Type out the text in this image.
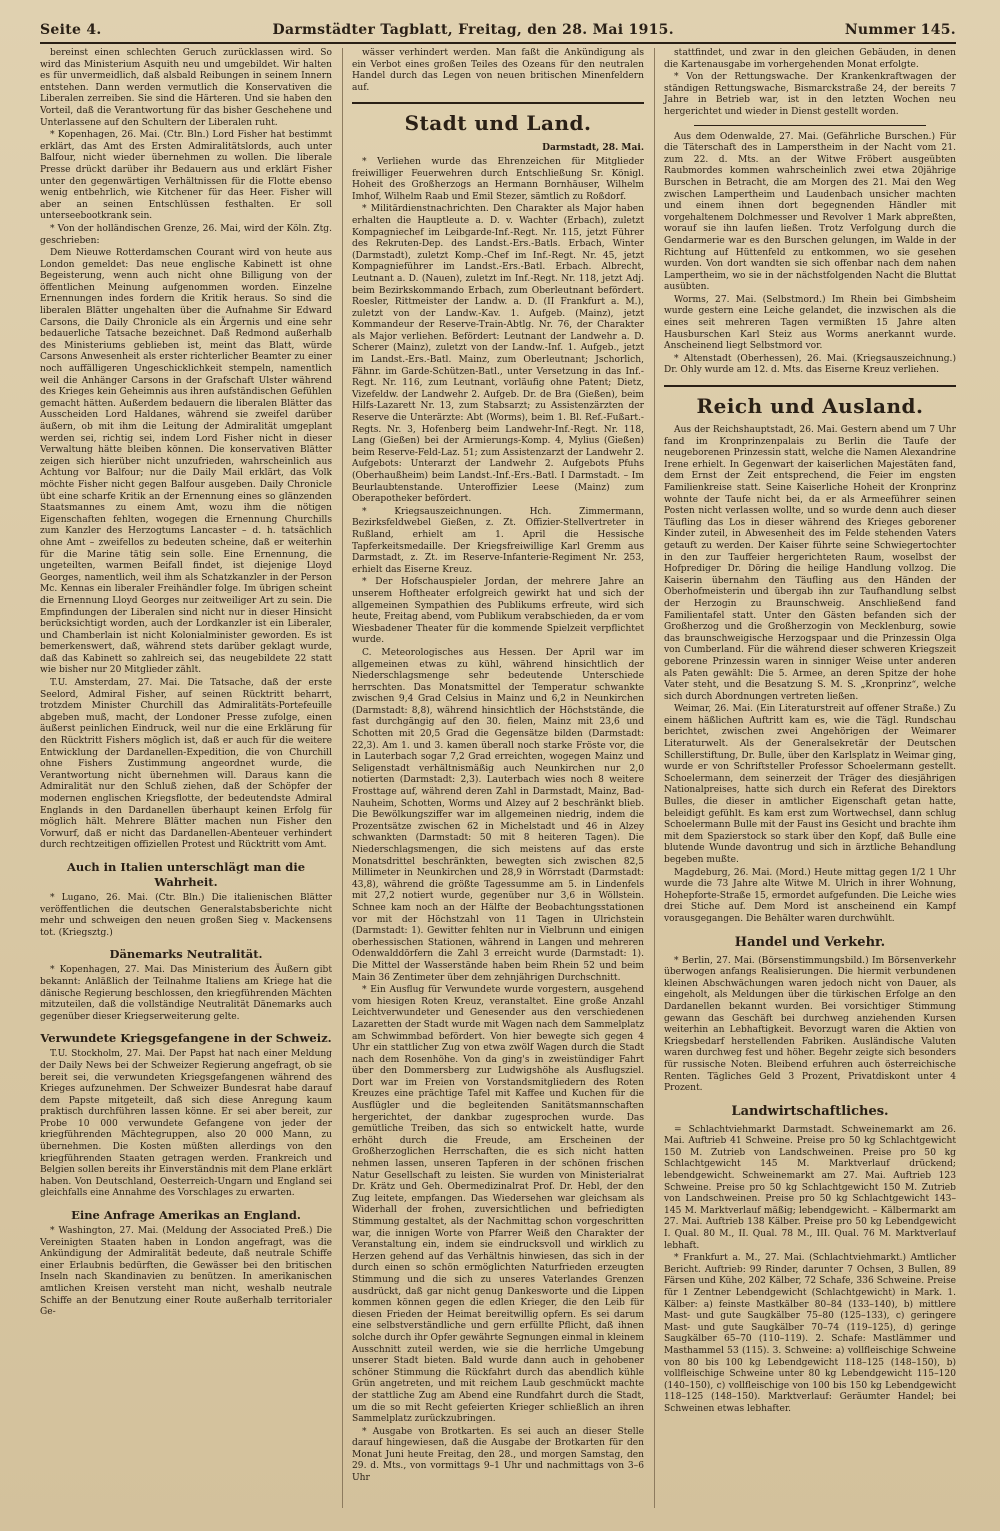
Seite 4.	Darmstädter Tagblatt, Freitag, den 28. Mai 1915.	Nummer 145.

bereinst einen schlechten Geruch zurücklassen wird. So wird das Ministerium Asquith neu und umgebildet. Wir halten es für unvermeidlich, daß alsbald Reibungen in seinem Innern entstehen. Dann werden vermutlich die Konservativen die Liberalen zerreiben. Sie sind die Härteren. Und sie haben den Vorteil, daß die Verantwortung für das bisher Geschehene und Unterlassene auf den Schultern der Liberalen ruht.

* Kopenhagen, 26. Mai. (Ctr. Bln.) Lord Fisher hat bestimmt erklärt, das Amt des Ersten Admiralitätslords, auch unter Balfour, nicht wieder übernehmen zu wollen. Die liberale Presse drückt darüber ihr Bedauern aus und erklärt Fisher unter den gegenwärtigen Verhältnissen für die Flotte ebenso wenig entbehrlich, wie Kitchener für das Heer. Fisher will aber an seinen Entschlüssen festhalten. Er soll unterseebootkrank sein.

* Von der holländischen Grenze, 26. Mai, wird der Köln. Ztg. geschrieben:

Dem Nieuwe Rotterdamschen Courant wird von heute aus London gemeldet: Das neue englische Kabinett ist ohne Begeisterung, wenn auch nicht ohne Billigung von der öffentlichen Meinung aufgenommen worden. Einzelne Ernennungen indes fordern die Kritik heraus. So sind die liberalen Blätter ungehalten über die Aufnahme Sir Edward Carsons, die Daily Chronicle als ein Ärgernis und eine sehr bedauerliche Tatsache bezeichnet. Daß Redmond außerhalb des Ministeriums geblieben ist, meint das Blatt, würde Carsons Anwesenheit als erster richterlicher Beamter zu einer noch auffälligeren Ungeschicklichkeit stempeln, namentlich weil die Anhänger Carsons in der Grafschaft Ulster während des Krieges kein Geheimnis aus ihren aufständischen Gefühlen gemacht hätten. Außerdem bedauern die liberalen Blätter das Ausscheiden Lord Haldanes, während sie zweifel darüber äußern, ob mit ihm die Leitung der Admiralität umgeplant werden sei, richtig sei, indem Lord Fisher nicht in dieser Verwaltung hätte bleiben können. Die konservativen Blätter zeigen sich hierüber nicht unzufrieden, wahrscheinlich aus Achtung vor Balfour; nur die Daily Mail erklärt, das Volk möchte Fisher nicht gegen Balfour ausgeben. Daily Chronicle übt eine scharfe Kritik an der Ernennung eines so glänzenden Staatsmannes zu einem Amt, wozu ihm die nötigen Eigenschaften fehlten, wogegen die Ernennung Churchills zum Kanzler des Herzogtums Lancaster – d. h. tatsächlich ohne Amt – zweifellos zu bedeuten scheine, daß er weiterhin für die Marine tätig sein solle. Eine Ernennung, die ungeteilten, warmen Beifall findet, ist diejenige Lloyd Georges, namentlich, weil ihm als Schatzkanzler in der Person Mc. Kennas ein liberaler Freihändler folge. Im übrigen scheint die Ernennung Lloyd Georges nur zeitweiliger Art zu sein. Die Empfindungen der Liberalen sind nicht nur in dieser Hinsicht berücksichtigt worden, auch der Lordkanzler ist ein Liberaler, und Chamberlain ist nicht Kolonialminister geworden. Es ist bemerkenswert, daß, während stets darüber geklagt wurde, daß das Kabinett so zahlreich sei, das neugebildete 22 statt wie bisher nur 20 Mitglieder zählt.

T.U. Amsterdam, 27. Mai. Die Tatsache, daß der erste Seelord, Admiral Fisher, auf seinen Rücktritt beharrt, trotzdem Minister Churchill das Admiralitäts-Portefeuille abgeben muß, macht, der Londoner Presse zufolge, einen äußerst peinlichen Eindruck, weil nur die eine Erklärung für den Rücktritt Fishers möglich ist, daß er auch für die weitere Entwicklung der Dardanellen-Expedition, die von Churchill ohne Fishers Zustimmung angeordnet wurde, die Verantwortung nicht übernehmen will. Daraus kann die Admiralität nur den Schluß ziehen, daß der Schöpfer der modernen englischen Kriegsflotte, der bedeutendste Admiral Englands in den Dardanellen überhaupt keinen Erfolg für möglich hält. Mehrere Blätter machen nun Fisher den Vorwurf, daß er nicht das Dardanellen-Abenteuer verhindert durch rechtzeitigen offiziellen Protest und Rücktritt vom Amt.

Auch in Italien unterschlägt man die Wahrheit.

* Lugano, 26. Mai. (Ctr. Bln.) Die italienischen Blätter veröffentlichen die deutschen Generalstabsberichte nicht mehr und schweigen den neuen großen Sieg v. Mackensens tot. (Kriegsztg.)

Dänemarks Neutralität.

* Kopenhagen, 27. Mai. Das Ministerium des Äußern gibt bekannt: Anläßlich der Teilnahme Italiens am Kriege hat die dänische Regierung beschlossen, den kriegführenden Mächten mitzuteilen, daß die vollständige Neutralität Dänemarks auch gegenüber dieser Kriegserweiterung gelte.

Verwundete Kriegsgefangene in der Schweiz.

T.U. Stockholm, 27. Mai. Der Papst hat nach einer Meldung der Daily News bei der Schweizer Regierung angefragt, ob sie bereit sei, die verwundeten Kriegsgefangenen während des Krieges aufzunehmen. Der Schweizer Bundesrat habe darauf dem Papste mitgeteilt, daß sich diese Anregung kaum praktisch durchführen lassen könne. Er sei aber bereit, zur Probe 10 000 verwundete Gefangene von jeder der kriegführenden Mächtegruppen, also 20 000 Mann, zu übernehmen. Die Kosten müßten allerdings von den kriegführenden Staaten getragen werden. Frankreich und Belgien sollen bereits ihr Einverständnis mit dem Plane erklärt haben. Von Deutschland, Oesterreich-Ungarn und England sei gleichfalls eine Annahme des Vorschlages zu erwarten.

Eine Anfrage Amerikas an England.

* Washington, 27. Mai. (Meldung der Associated Preß.) Die Vereinigten Staaten haben in London angefragt, was die Ankündigung der Admiralität bedeute, daß neutrale Schiffe einer Erlaubnis bedürften, die Gewässer bei den britischen Inseln nach Skandinavien zu benützen. In amerikanischen amtlichen Kreisen versteht man nicht, weshalb neutrale Schiffe an der Benutzung einer Route außerhalb territorialer Ge-

wässer verhindert werden. Man faßt die Ankündigung als ein Verbot eines großen Teiles des Ozeans für den neutralen Handel durch das Legen von neuen britischen Minenfeldern auf.

Stadt und Land.
Darmstadt, 28. Mai.

* Verliehen wurde das Ehrenzeichen für Mitglieder freiwilliger Feuerwehren durch Entschließung Sr. Königl. Hoheit des Großherzogs an Hermann Bornhäuser, Wilhelm Imhof, Wilhelm Raab und Emil Stezer, sämtlich zu Roßdorf.

* Militärdienstnachrichten. Den Charakter als Major haben erhalten die Hauptleute a. D. v. Wachter (Erbach), zuletzt Kompagniechef im Leibgarde-Inf.-Regt. Nr. 115, jetzt Führer des Rekruten-Dep. des Landst.-Ers.-Batls. Erbach, Winter (Darmstadt), zuletzt Komp.-Chef im Inf.-Regt. Nr. 45, jetzt Kompagnieführer im Landst.-Ers.-Batl. Erbach. Albrecht, Leutnant a. D. (Nauen), zuletzt im Inf.-Regt. Nr. 118, jetzt Adj. beim Bezirkskommando Erbach, zum Oberleutnant befördert. Roesler, Rittmeister der Landw. a. D. (II Frankfurt a. M.), zuletzt von der Landw.-Kav. 1. Aufgeb. (Mainz), jetzt Kommandeur der Reserve-Train-Abtlg. Nr. 76, der Charakter als Major verliehen. Befördert: Leutnant der Landwehr a. D. Scherer (Mainz), zuletzt von der Landw.-Inf. 1. Aufgeb., jetzt im Landst.-Ers.-Batl. Mainz, zum Oberleutnant; Jschorlich, Fähnr. im Garde-Schützen-Batl., unter Versetzung in das Inf.-Regt. Nr. 116, zum Leutnant, vorläufig ohne Patent; Dietz, Vizefeldw. der Landwehr 2. Aufgeb. Dr. de Bra (Gießen), beim Hilfs-Lazarett Nr. 13, zum Stabsarzt; zu Assistenzärzten der Reserve die Unterärzte: Abt (Worms), beim 1. Bl. Ref.-Fußart.-Regts. Nr. 3, Hofenberg beim Landwehr-Inf.-Regt. Nr. 118, Lang (Gießen) bei der Armierungs-Komp. 4, Mylius (Gießen) beim Reserve-Feld-Laz. 51; zum Assistenzarzt der Landwehr 2. Aufgebots: Unterarzt der Landwehr 2. Aufgebots Pfuhs (Oberhaußheim) beim Landst.-Inf.-Ers.-Batl. I Darmstadt. – Im Beurlaubtenstande. Unteroffizier Leese (Mainz) zum Oberapotheker befördert.

* Kriegsauszeichnungen. Hch. Zimmermann, Bezirksfeldwebel Gießen, z. Zt. Offizier-Stellvertreter in Rußland, erhielt am 1. April die Hessische Tapferkeitsmedaille. Der Kriegsfreiwillige Karl Gremm aus Darmstadt, z. Zt. im Reserve-Infanterie-Regiment Nr. 253, erhielt das Eiserne Kreuz.

* Der Hofschauspieler Jordan, der mehrere Jahre an unserem Hoftheater erfolgreich gewirkt hat und sich der allgemeinen Sympathien des Publikums erfreute, wird sich heute, Freitag abend, vom Publikum verabschieden, da er vom Wiesbadener Theater für die kommende Spielzeit verpflichtet wurde.

C. Meteorologisches aus Hessen. Der April war im allgemeinen etwas zu kühl, während hinsichtlich der Niederschlagsmenge sehr bedeutende Unterschiede herrschten. Das Monatsmittel der Temperatur schwankte zwischen 9,4 Grad Celsius in Mainz und 6,2 in Neunkirchen (Darmstadt: 8,8), während hinsichtlich der Höchststände, die fast durchgängig auf den 30. fielen, Mainz mit 23,6 und Schotten mit 20,5 Grad die Gegensätze bilden (Darmstadt: 22,3). Am 1. und 3. kamen überall noch starke Fröste vor, die in Lauterbach sogar 7,2 Grad erreichten, wogegen Mainz und Seligenstadt verhältnismäßig auch Neunkirchen nur 2,0 notierten (Darmstadt: 2,3). Lauterbach wies noch 8 weitere Frosttage auf, während deren Zahl in Darmstadt, Mainz, Bad-Nauheim, Schotten, Worms und Alzey auf 2 beschränkt blieb. Die Bewölkungsziffer war im allgemeinen niedrig, indem die Prozentsätze zwischen 62 in Michelstadt und 46 in Alzey schwankten (Darmstadt: 50 mit 8 heiteren Tagen). Die Niederschlagsmengen, die sich meistens auf das erste Monatsdrittel beschränkten, bewegten sich zwischen 82,5 Millimeter in Neunkirchen und 28,9 in Wörrstadt (Darmstadt: 43,8), während die größte Tagessumme am 5. in Lindenfels mit 27,2 notiert wurde, gegenüber nur 3,6 in Wöllstein. Schnee kam noch an der Hälfte der Beobachtungsstationen vor mit der Höchstzahl von 11 Tagen in Ulrichstein (Darmstadt: 1). Gewitter fehlten nur in Vielbrunn und einigen oberhessischen Stationen, während in Langen und mehreren Odenwalddörfern die Zahl 3 erreicht wurde (Darmstadt: 1). Die Mittel der Wasserstände haben beim Rhein 52 und beim Main 36 Zentimeter über dem zehnjährigen Durchschnitt.

* Ein Ausflug für Verwundete wurde vorgestern, ausgehend vom hiesigen Roten Kreuz, veranstaltet. Eine große Anzahl Leichtverwundeter und Genesender aus den verschiedenen Lazaretten der Stadt wurde mit Wagen nach dem Sammelplatz am Schwimmbad befördert. Von hier bewegte sich gegen 4 Uhr ein stattlicher Zug von etwa zwölf Wagen durch die Stadt nach dem Rosenhöhe. Von da ging's in zweistündiger Fahrt über den Dommersberg zur Ludwigshöhe als Ausflugsziel. Dort war im Freien von Vorstandsmitgliedern des Roten Kreuzes eine prächtige Tafel mit Kaffee und Kuchen für die Ausflügler und die begleitenden Sanitätsmannschaften hergerichtet, der dankbar zugesprochen wurde. Das gemütliche Treiben, das sich so entwickelt hatte, wurde erhöht durch die Freude, am Erscheinen der Großherzoglichen Herrschaften, die es sich nicht hatten nehmen lassen, unseren Tapferen in der schönen frischen Natur Gesellschaft zu leisten. Sie wurden von Ministerialrat Dr. Krätz und Geh. Obermedizinalrat Prof. Dr. Hebl, der den Zug leitete, empfangen. Das Wiedersehen war gleichsam als Widerhall der frohen, zuversichtlichen und befriedigten Stimmung gestaltet, als der Nachmittag schon vorgeschritten war, die innigen Worte von Pfarrer Weiß den Charakter der Veranstaltung ein, indem sie eindrucksvoll und wirklich zu Herzen gehend auf das Verhältnis hinwiesen, das sich in der durch einen so schön ermöglichten Naturfrieden erzeugten Stimmung und die sich zu unseres Vaterlandes Grenzen ausdrückt, daß gar nicht genug Dankesworte und die Lippen kommen können gegen die edlen Krieger, die den Leib für diesen Frieden der Heimat bereitwillig opfern. Es sei darum eine selbstverständliche und gern erfüllte Pflicht, daß ihnen solche durch ihr Opfer gewährte Segnungen einmal in kleinem Ausschnitt zuteil werden, wie sie die herrliche Umgebung unserer Stadt bieten. Bald wurde dann auch in gehobener schöner Stimmung die Rückfahrt durch das abendlich kühle Grün angetreten, und mit reichem Laub geschmückt machte der stattliche Zug am Abend eine Rundfahrt durch die Stadt, um die so mit Recht gefeierten Krieger schließlich an ihren Sammelplatz zurückzubringen.

* Ausgabe von Brotkarten. Es sei auch an dieser Stelle darauf hingewiesen, daß die Ausgabe der Brotkarten für den Monat Juni heute Freitag, den 28., und morgen Samstag, den 29. d. Mts., von vormittags 9–1 Uhr und nachmittags von 3–6 Uhr

stattfindet, und zwar in den gleichen Gebäuden, in denen die Kartenausgabe im vorhergehenden Monat erfolgte.

* Von der Rettungswache. Der Krankenkraftwagen der ständigen Rettungswache, Bismarckstraße 24, der bereits 7 Jahre in Betrieb war, ist in den letzten Wochen neu hergerichtet und wieder in Dienst gestellt worden.

Aus dem Odenwalde, 27. Mai. (Gefährliche Burschen.) Für die Täterschaft des in Lamperstheim in der Nacht vom 21. zum 22. d. Mts. an der Witwe Fröbert ausgeübten Raubmordes kommen wahrscheinlich zwei etwa 20jährige Burschen in Betracht, die am Morgen des 21. Mai den Weg zwischen Lampertheim und Laudenbach unsicher machten und einem ihnen dort begegnenden Händler mit vorgehaltenem Dolchmesser und Revolver 1 Mark abpreßten, worauf sie ihn laufen ließen. Trotz Verfolgung durch die Gendarmerie war es den Burschen gelungen, im Walde in der Richtung auf Hüttenfeld zu entkommen, wo sie gesehen wurden. Von dort wandten sie sich offenbar nach dem nahen Lampertheim, wo sie in der nächstfolgenden Nacht die Bluttat ausübten.

Worms, 27. Mai. (Selbstmord.) Im Rhein bei Gimbsheim wurde gestern eine Leiche gelandet, die inzwischen als die eines seit mehreren Tagen vermißten 15 Jahre alten Hausburschen Karl Steiz aus Worms anerkannt wurde. Anscheinend liegt Selbstmord vor.

* Altenstadt (Oberhessen), 26. Mai. (Kriegsauszeichnung.) Dr. Ohly wurde am 12. d. Mts. das Eiserne Kreuz verliehen.

Reich und Ausland.

Aus der Reichshauptstadt, 26. Mai. Gestern abend um 7 Uhr fand im Kronprinzenpalais zu Berlin die Taufe der neugeborenen Prinzessin statt, welche die Namen Alexandrine Irene erhielt. In Gegenwart der kaiserlichen Majestäten fand, dem Ernst der Zeit entsprechend, die Feier im engsten Familienkreise statt. Seine Kaiserliche Hoheit der Kronprinz wohnte der Taufe nicht bei, da er als Armeeführer seinen Posten nicht verlassen wollte, und so wurde denn auch dieser Täufling das Los in dieser während des Krieges geborener Kinder zuteil, in Abwesenheit des im Felde stehenden Vaters getauft zu werden. Der Kaiser führte seine Schwiegertochter in den zur Tauffeier hergerichteten Raum, woselbst der Hofprediger Dr. Döring die heilige Handlung vollzog. Die Kaiserin übernahm den Täufling aus den Händen der Oberhofmeisterin und übergab ihn zur Taufhandlung selbst der Herzogin zu Braunschweig. Anschließend fand Familientafel statt. Unter den Gästen befanden sich der Großherzog und die Großherzogin von Mecklenburg, sowie das braunschweigische Herzogspaar und die Prinzessin Olga von Cumberland. Für die während dieser schweren Kriegszeit geborene Prinzessin waren in sinniger Weise unter anderen als Paten gewählt: Die 5. Armee, an deren Spitze der hohe Vater steht, und die Besatzung S. M. S. „Kronprinz“, welche sich durch Abordnungen vertreten ließen.

Weimar, 26. Mai. (Ein Literaturstreit auf offener Straße.) Zu einem häßlichen Auftritt kam es, wie die Tägl. Rundschau berichtet, zwischen zwei Angehörigen der Weimarer Literaturwelt. Als der Generalsekretär der Deutschen Schillerstiftung, Dr. Bulle, über den Karlsplatz in Weimar ging, wurde er von Schriftsteller Professor Schoelermann gestellt. Schoelermann, dem seinerzeit der Träger des diesjährigen Nationalpreises, hatte sich durch ein Referat des Direktors Bulles, die dieser in amtlicher Eigenschaft getan hatte, beleidigt gefühlt. Es kam erst zum Wortwechsel, dann schlug Schoelermann Bulle mit der Faust ins Gesicht und brachte ihm mit dem Spazierstock so stark über den Kopf, daß Bulle eine blutende Wunde davontrug und sich in ärztliche Behandlung begeben mußte.

Magdeburg, 26. Mai. (Mord.) Heute mittag gegen 1/2 1 Uhr wurde die 73 Jahre alte Witwe M. Ulrich in ihrer Wohnung, Hohepforte-Straße 15, ermordet aufgefunden. Die Leiche wies drei Stiche auf. Dem Mord ist anscheinend ein Kampf vorausgegangen. Die Behälter waren durchwühlt.

Handel und Verkehr.

* Berlin, 27. Mai. (Börsenstimmungsbild.) Im Börsenverkehr überwogen anfangs Realisierungen. Die hiermit verbundenen kleinen Abschwächungen waren jedoch nicht von Dauer, als eingeholt, als Meldungen über die türkischen Erfolge an den Dardanellen bekannt wurden. Bei vorsichtiger Stimmung gewann das Geschäft bei durchweg anziehenden Kursen weiterhin an Lebhaftigkeit. Bevorzugt waren die Aktien von Kriegsbedarf herstellenden Fabriken. Ausländische Valuten waren durchweg fest und höher. Begehr zeigte sich besonders für russische Noten. Bleibend erfuhren auch österreichische Renten. Tägliches Geld 3 Prozent, Privatdiskont unter 4 Prozent.

Landwirtschaftliches.

= Schlachtviehmarkt Darmstadt. Schweinemarkt am 26. Mai. Auftrieb 41 Schweine. Preise pro 50 kg Schlachtgewicht 150 M. Zutrieb von Landschweinen. Preise pro 50 kg Schlachtgewicht 145 M. Marktverlauf drückend; lebendgewicht. Schweinemarkt am 27. Mai. Auftrieb 123 Schweine. Preise pro 50 kg Schlachtgewicht 150 M. Zutrieb von Landschweinen. Preise pro 50 kg Schlachtgewicht 143–145 M. Marktverlauf mäßig; lebendgewicht. – Kälbermarkt am 27. Mai. Auftrieb 138 Kälber. Preise pro 50 kg Lebendgewicht I. Qual. 80 M., II. Qual. 78 M., III. Qual. 76 M. Marktverlauf lebhaft.

* Frankfurt a. M., 27. Mai. (Schlachtviehmarkt.) Amtlicher Bericht. Auftrieb: 99 Rinder, darunter 7 Ochsen, 3 Bullen, 89 Färsen und Kühe, 202 Kälber, 72 Schafe, 336 Schweine. Preise für 1 Zentner Lebendgewicht (Schlachtgewicht) in Mark. 1. Kälber: a) feinste Mastkälber 80–84 (133–140), b) mittlere Mast- und gute Saugkälber 75–80 (125–133), c) geringere Mast- und gute Saugkälber 70–74 (119–125), d) geringe Saugkälber 65–70 (110–119). 2. Schafe: Mastlämmer und Masthammel 53 (115). 3. Schweine: a) vollfleischige Schweine von 80 bis 100 kg Lebendgewicht 118–125 (148–150), b) vollfleischige Schweine unter 80 kg Lebendgewicht 115–120 (140–150), c) vollfleischige von 100 bis 150 kg Lebendgewicht 118–125 (148–150). Marktverlauf: Geräumter Handel; bei Schweinen etwas lebhafter.
